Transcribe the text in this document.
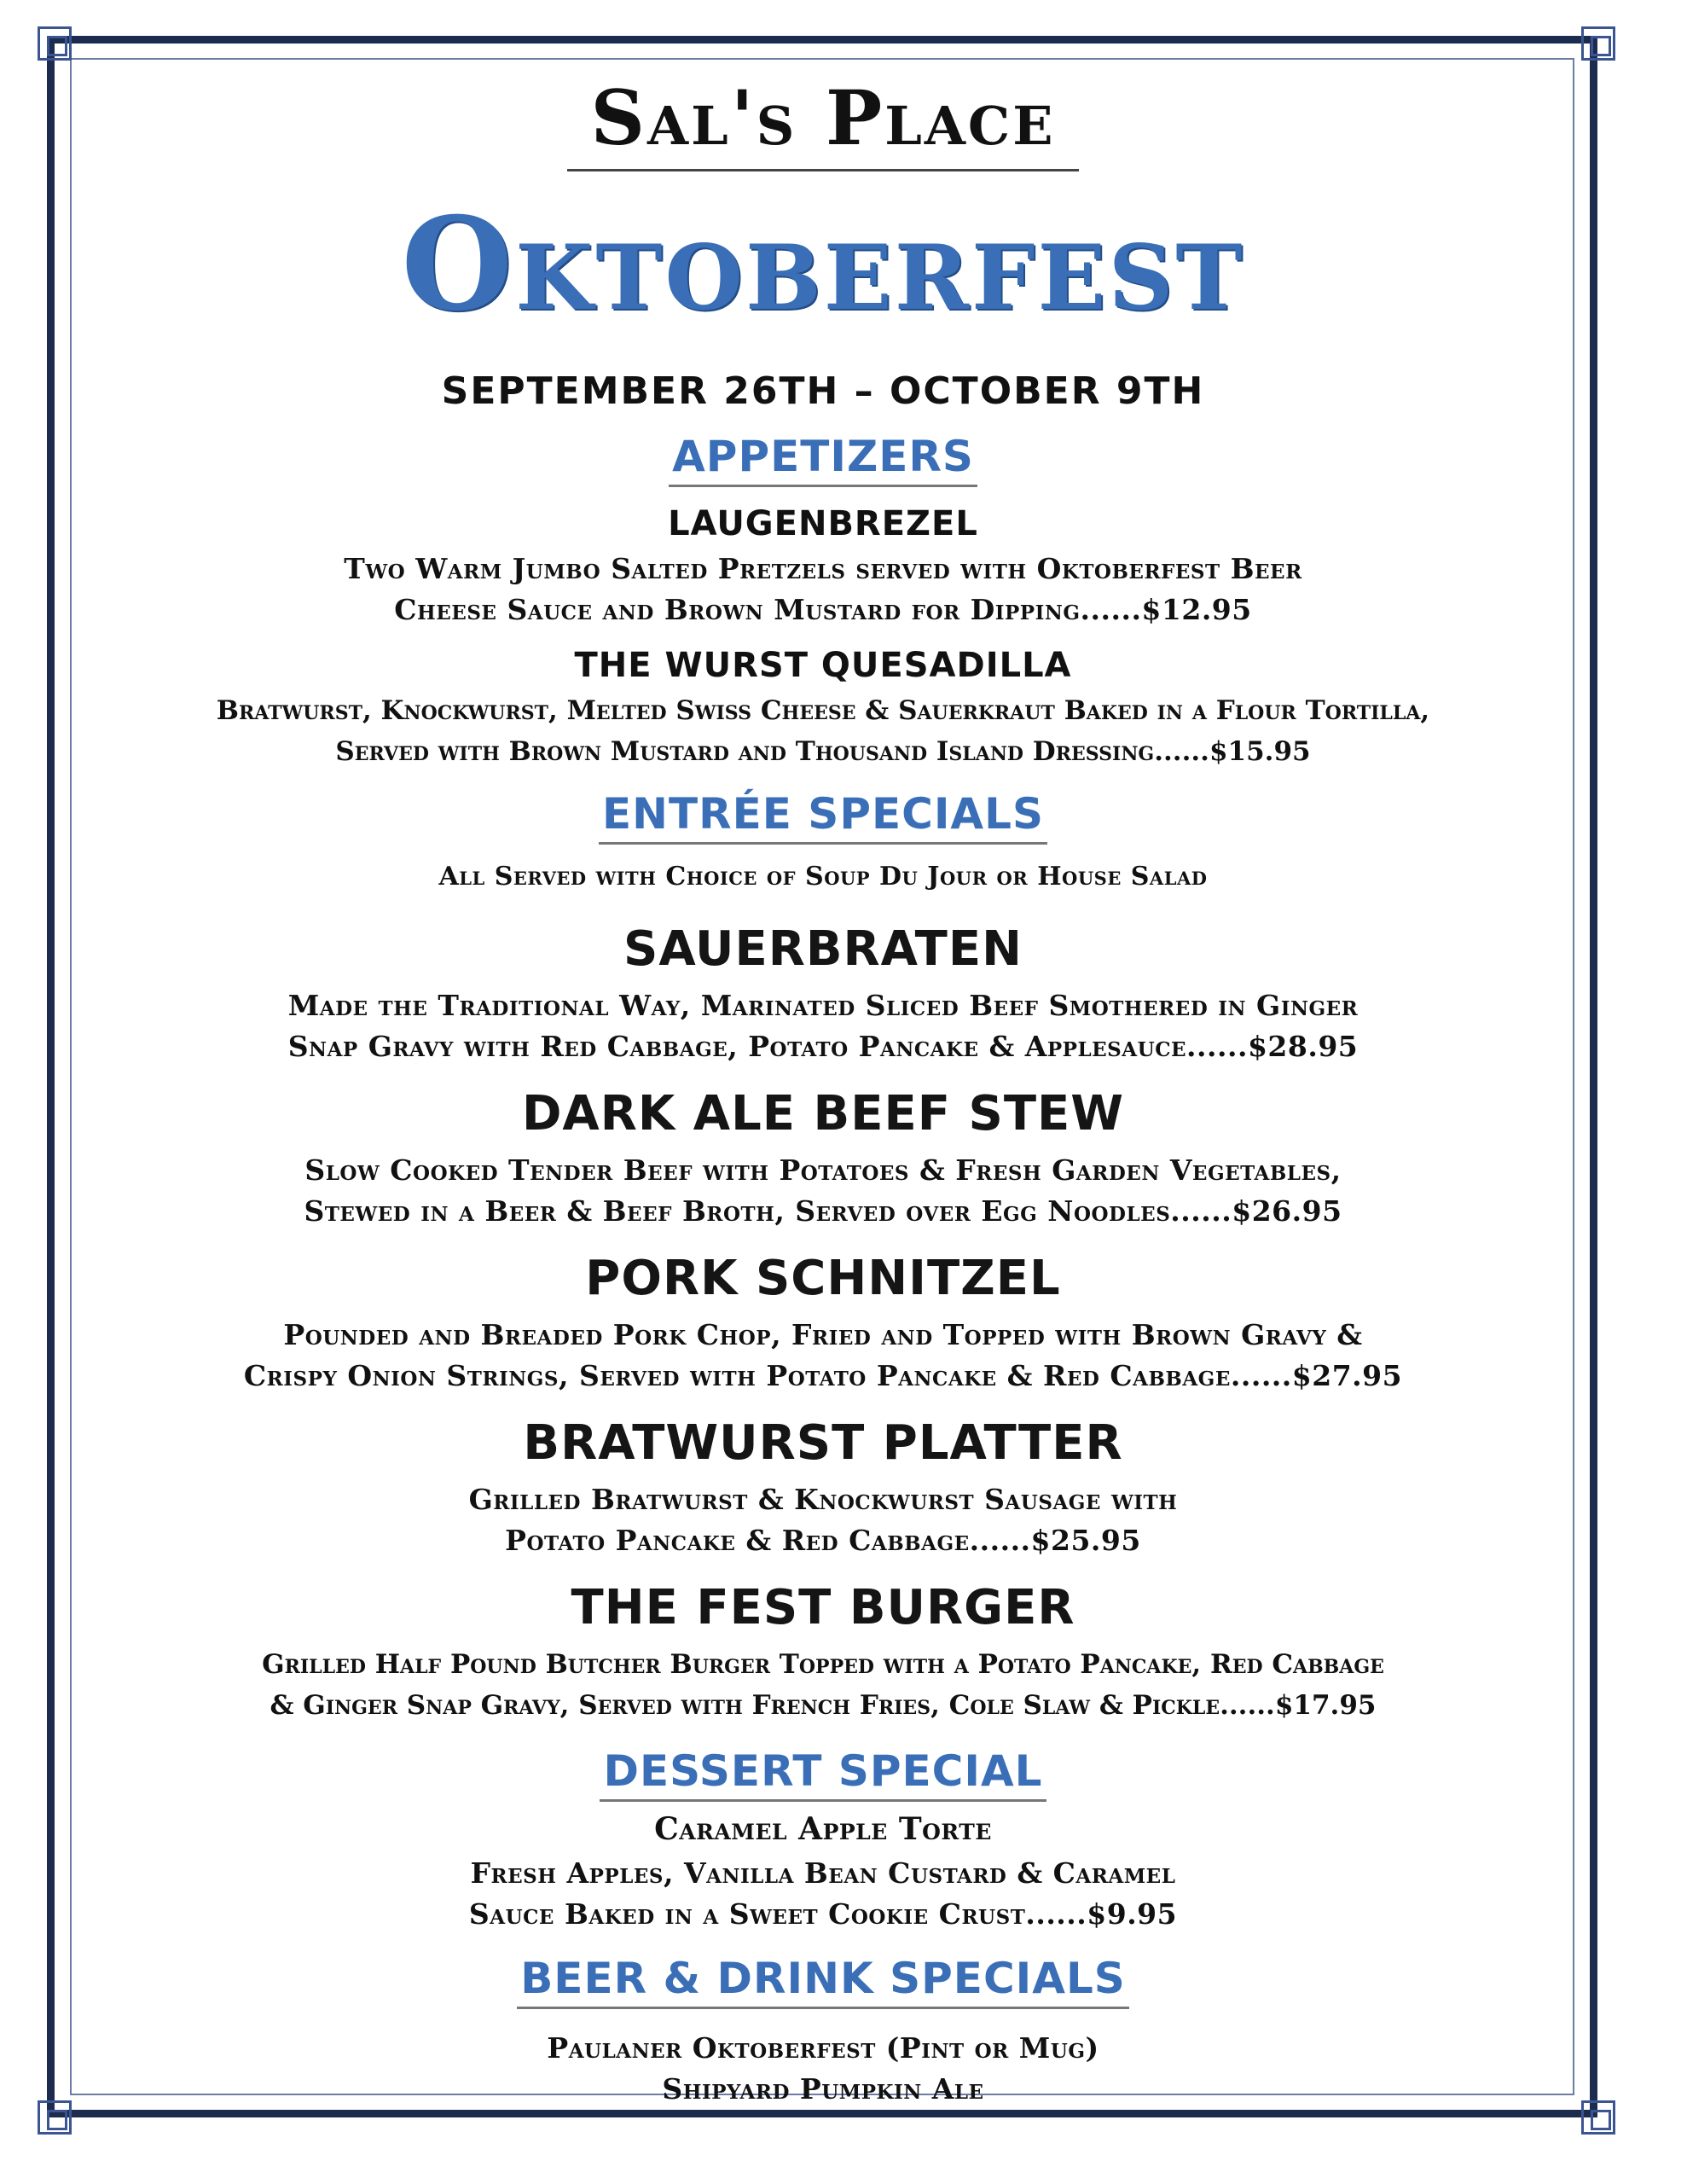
Sal's Place
Oktoberfest
SEPTEMBER 26TH – OCTOBER 9TH
APPETIZERS
LAUGENBREZEL
Two Warm Jumbo Salted Pretzels served with Oktoberfest Beer
Cheese Sauce and Brown Mustard for Dipping......$12.95
THE WURST QUESADILLA
Bratwurst, Knockwurst, Melted Swiss Cheese & Sauerkraut Baked in a Flour Tortilla,
Served with Brown Mustard and Thousand Island Dressing......$15.95
ENTRÉE SPECIALS
All Served with Choice of Soup Du Jour or House Salad
SAUERBRATEN
Made the Traditional Way, Marinated Sliced Beef Smothered in Ginger
Snap Gravy with Red Cabbage, Potato Pancake & Applesauce......$28.95
DARK ALE BEEF STEW
Slow Cooked Tender Beef with Potatoes & Fresh Garden Vegetables,
Stewed in a Beer & Beef Broth, Served over Egg Noodles......$26.95
PORK SCHNITZEL
Pounded and Breaded Pork Chop, Fried and Topped with Brown Gravy &
Crispy Onion Strings, Served with Potato Pancake & Red Cabbage......$27.95
BRATWURST PLATTER
Grilled Bratwurst & Knockwurst Sausage with
Potato Pancake & Red Cabbage......$25.95
THE FEST BURGER
Grilled Half Pound Butcher Burger Topped with a Potato Pancake, Red Cabbage
& Ginger Snap Gravy, Served with French Fries, Cole Slaw & Pickle......$17.95
DESSERT SPECIAL
Caramel Apple Torte
Fresh Apples, Vanilla Bean Custard & Caramel
Sauce Baked in a Sweet Cookie Crust......$9.95
BEER & DRINK SPECIALS
Paulaner Oktoberfest (Pint or Mug)
Shipyard Pumpkin Ale
